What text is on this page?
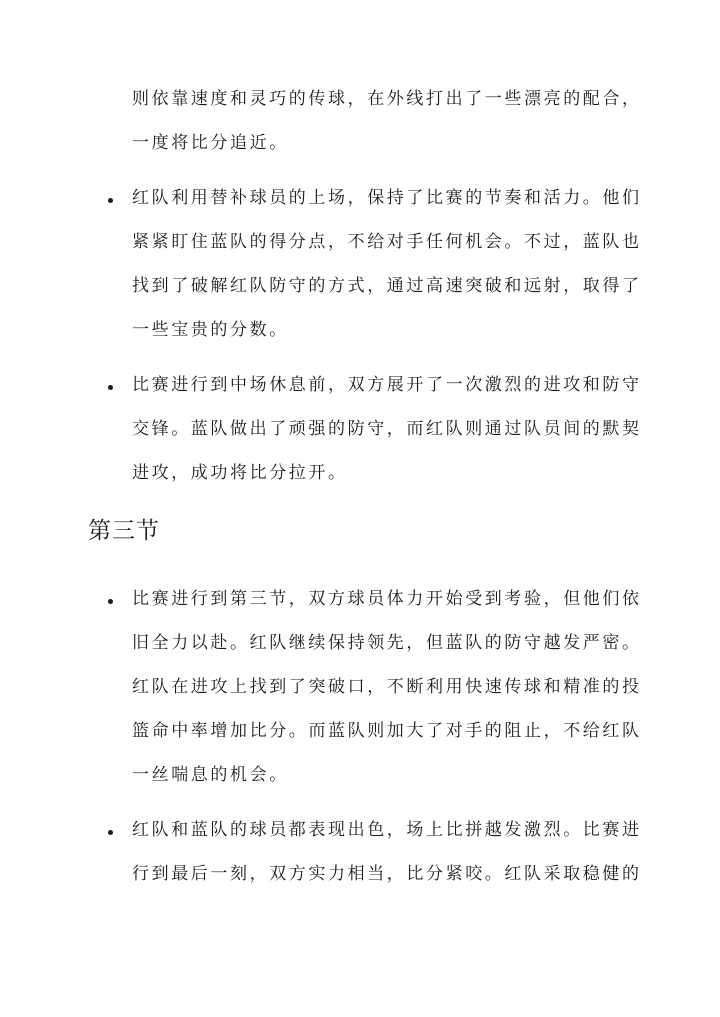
则依靠速度和灵巧的传球，在外线打出了一些漂亮的配合，
一度将比分追近。
红队利用替补球员的上场，保持了比赛的节奏和活力。他们
紧紧盯住蓝队的得分点，不给对手任何机会。不过，蓝队也
找到了破解红队防守的方式，通过高速突破和远射，取得了
一些宝贵的分数。
比赛进行到中场休息前，双方展开了一次激烈的进攻和防守
交锋。蓝队做出了顽强的防守，而红队则通过队员间的默契
进攻，成功将比分拉开。
第三节
比赛进行到第三节，双方球员体力开始受到考验，但他们依
旧全力以赴。红队继续保持领先，但蓝队的防守越发严密。
红队在进攻上找到了突破口，不断利用快速传球和精准的投
篮命中率增加比分。而蓝队则加大了对手的阻止，不给红队
一丝喘息的机会。
红队和蓝队的球员都表现出色，场上比拼越发激烈。比赛进
行到最后一刻，双方实力相当，比分紧咬。红队采取稳健的
